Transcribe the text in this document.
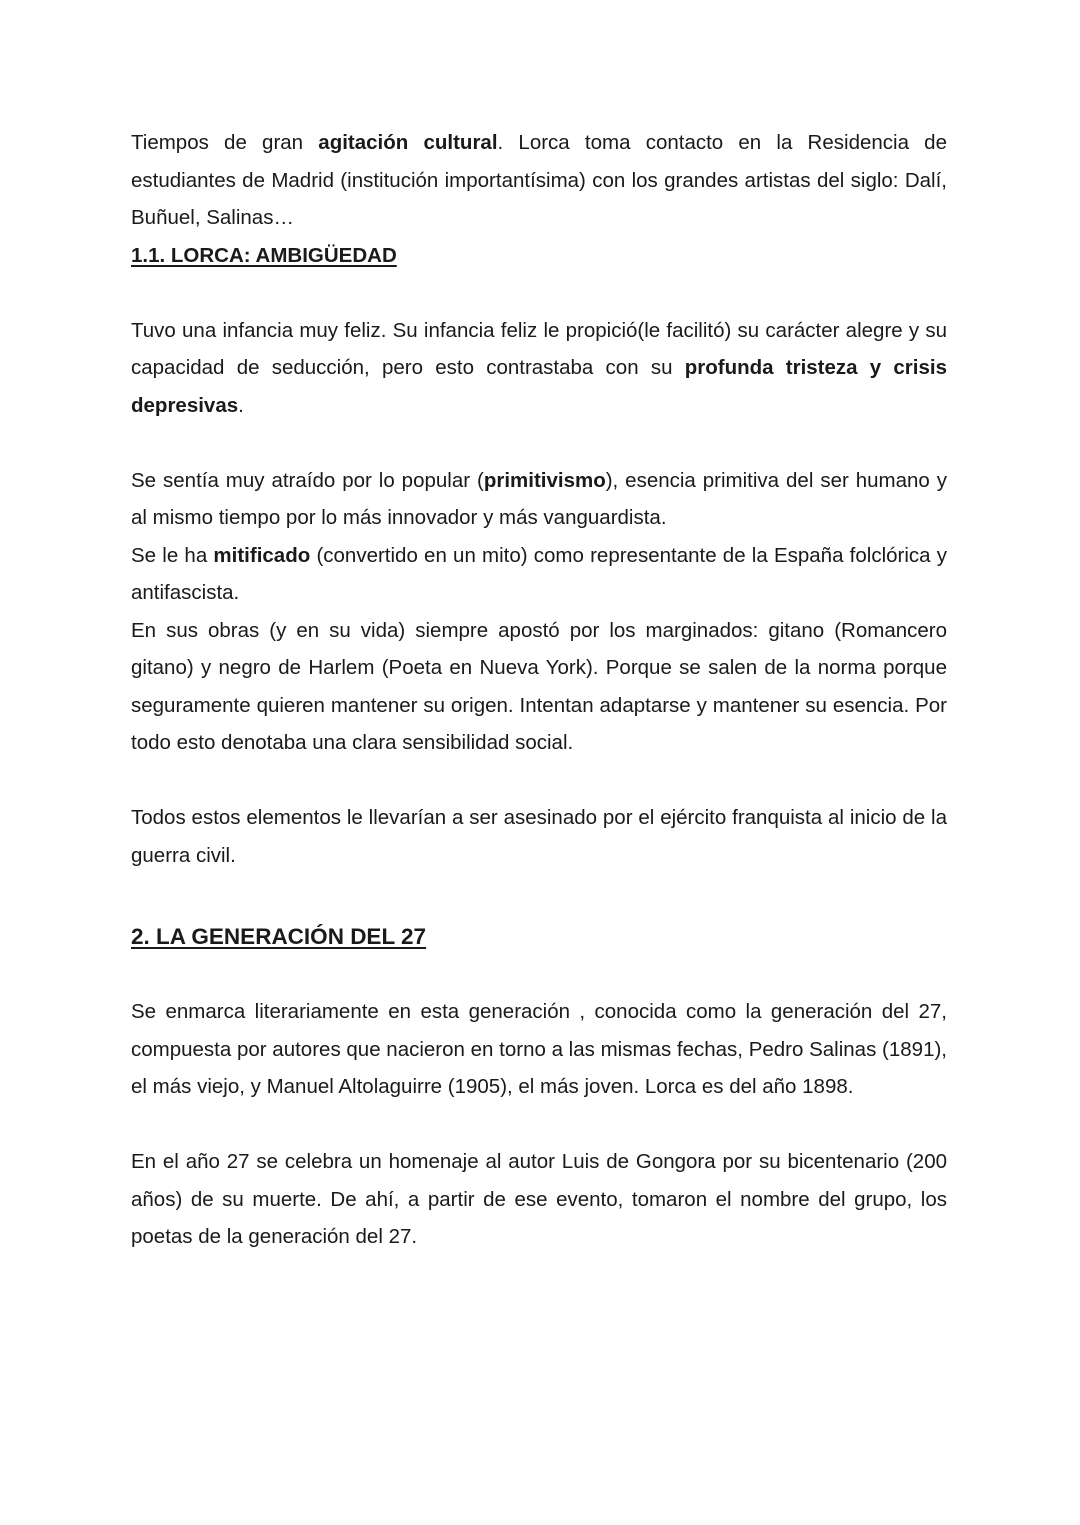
Tiempos de gran agitación cultural. Lorca toma contacto en la Residencia de estudiantes de Madrid (institución importantísima) con los grandes artistas del siglo: Dalí, Buñuel, Salinas…

1.1. LORCA: AMBIGÜEDAD

Tuvo una infancia muy feliz. Su infancia feliz le propició(le facilitó) su carácter alegre y su capacidad de seducción, pero esto contrastaba con su profunda tristeza y crisis depresivas.

Se sentía muy atraído por lo popular (primitivismo), esencia primitiva del ser humano y al mismo tiempo por lo más innovador y más vanguardista.

Se le ha mitificado (convertido en un mito) como representante de la España folclórica y antifascista.

En sus obras (y en su vida) siempre apostó por los marginados: gitano (Romancero gitano) y negro de Harlem (Poeta en Nueva York). Porque se salen de la norma porque seguramente quieren mantener su origen. Intentan adaptarse y mantener su esencia. Por todo esto denotaba una clara sensibilidad social.

Todos estos elementos le llevarían a ser asesinado por el ejército franquista al inicio de la guerra civil.

2. LA GENERACIÓN DEL 27

Se enmarca literariamente en esta generación , conocida como la generación del 27, compuesta por autores que nacieron en torno a las mismas fechas, Pedro Salinas (1891), el más viejo, y Manuel Altolaguirre (1905), el más joven. Lorca es del año 1898.

En el año 27 se celebra un homenaje al autor Luis de Gongora por su bicentenario (200 años) de su muerte. De ahí, a partir de ese evento, tomaron el nombre del grupo, los poetas de la generación del 27.
